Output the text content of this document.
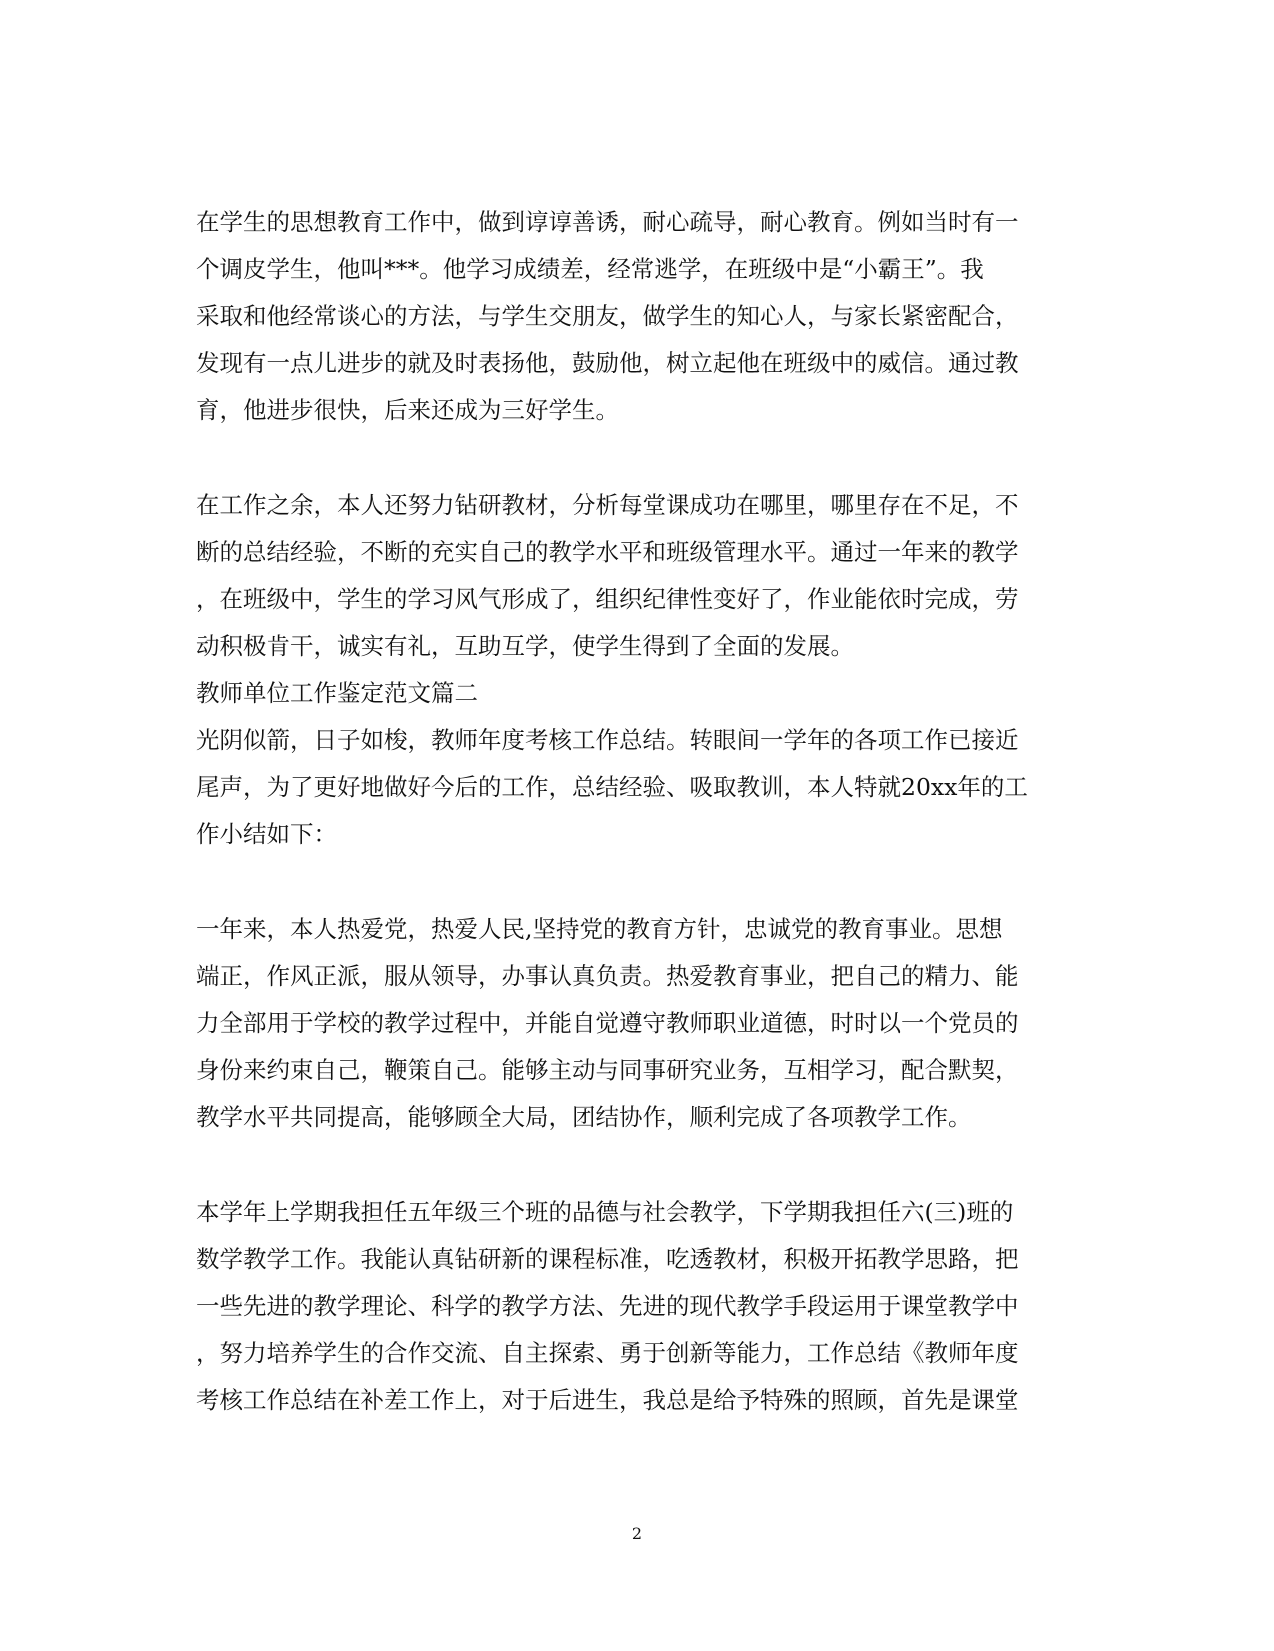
在学生的思想教育工作中，做到谆谆善诱，耐心疏导，耐心教育。例如当时有一
个调皮学生，他叫***。他学习成绩差，经常逃学，在班级中是“小霸王”。我
采取和他经常谈心的方法，与学生交朋友，做学生的知心人，与家长紧密配合，
发现有一点儿进步的就及时表扬他，鼓励他，树立起他在班级中的威信。通过教
育，他进步很快，后来还成为三好学生。
在工作之余，本人还努力钻研教材，分析每堂课成功在哪里，哪里存在不足，不
断的总结经验，不断的充实自己的教学水平和班级管理水平。通过一年来的教学
，在班级中，学生的学习风气形成了，组织纪律性变好了，作业能依时完成，劳
动积极肯干，诚实有礼，互助互学，使学生得到了全面的发展。
教师单位工作鉴定范文篇二
光阴似箭，日子如梭，教师年度考核工作总结。转眼间一学年的各项工作已接近
尾声，为了更好地做好今后的工作，总结经验、吸取教训，本人特就20xx年的工
作小结如下：
一年来，本人热爱党，热爱人民,坚持党的教育方针，忠诚党的教育事业。思想
端正，作风正派，服从领导，办事认真负责。热爱教育事业，把自己的精力、能
力全部用于学校的教学过程中，并能自觉遵守教师职业道德，时时以一个党员的
身份来约束自己，鞭策自己。能够主动与同事研究业务，互相学习，配合默契，
教学水平共同提高，能够顾全大局，团结协作，顺利完成了各项教学工作。
本学年上学期我担任五年级三个班的品德与社会教学，下学期我担任六(三)班的
数学教学工作。我能认真钻研新的课程标准，吃透教材，积极开拓教学思路，把
一些先进的教学理论、科学的教学方法、先进的现代教学手段运用于课堂教学中
，努力培养学生的合作交流、自主探索、勇于创新等能力，工作总结《教师年度
考核工作总结在补差工作上，对于后进生，我总是给予特殊的照顾，首先是课堂
2
